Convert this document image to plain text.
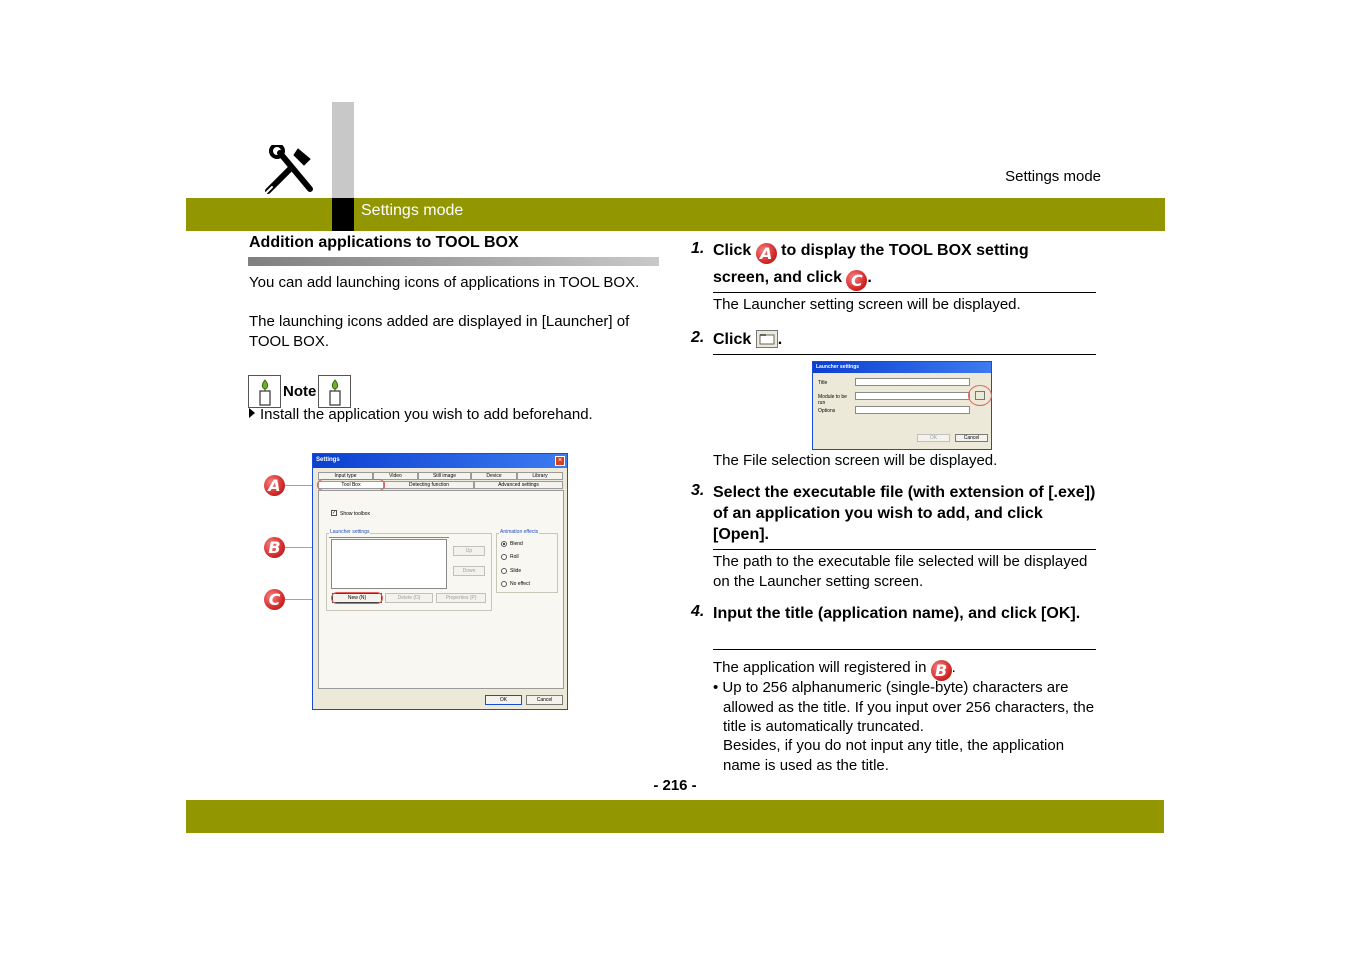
Settings mode
Settings mode
Addition applications to TOOL BOX
You can add launching icons of applications in TOOL BOX.
The launching icons added are displayed in [Launcher] of TOOL BOX.
Note
Install the application you wish to add beforehand.
A
B
C
Settings	×
Input type	Video	Still image	Device	Library
Tool Box	Detecting function	Advanced settings
✓ Show toolbox
Launcher settings
Up
Down
New (N)	Delete (D)	Properties (P)
Animation effects
Blend
Roll
Slide
No effect
OK	Cancel
1. Click A to display the TOOL BOX setting
screen, and click C .
The Launcher setting screen will be displayed.
2. Click .
Launcher settings
Title
Module to be run
Options
OK	Cancel
The File selection screen will be displayed.
3. Select the executable file (with extension of [.exe]) of an application you wish to add, and click [Open].
The path to the executable file selected will be displayed on the Launcher setting screen.
4. Input the title (application name), and click [OK].
The application will registered in B .
• Up to 256 alphanumeric (single-byte) characters are allowed as the title. If you input over 256 characters, the title is automatically truncated.
Besides, if you do not input any title, the application name is used as the title.
- 216 -
